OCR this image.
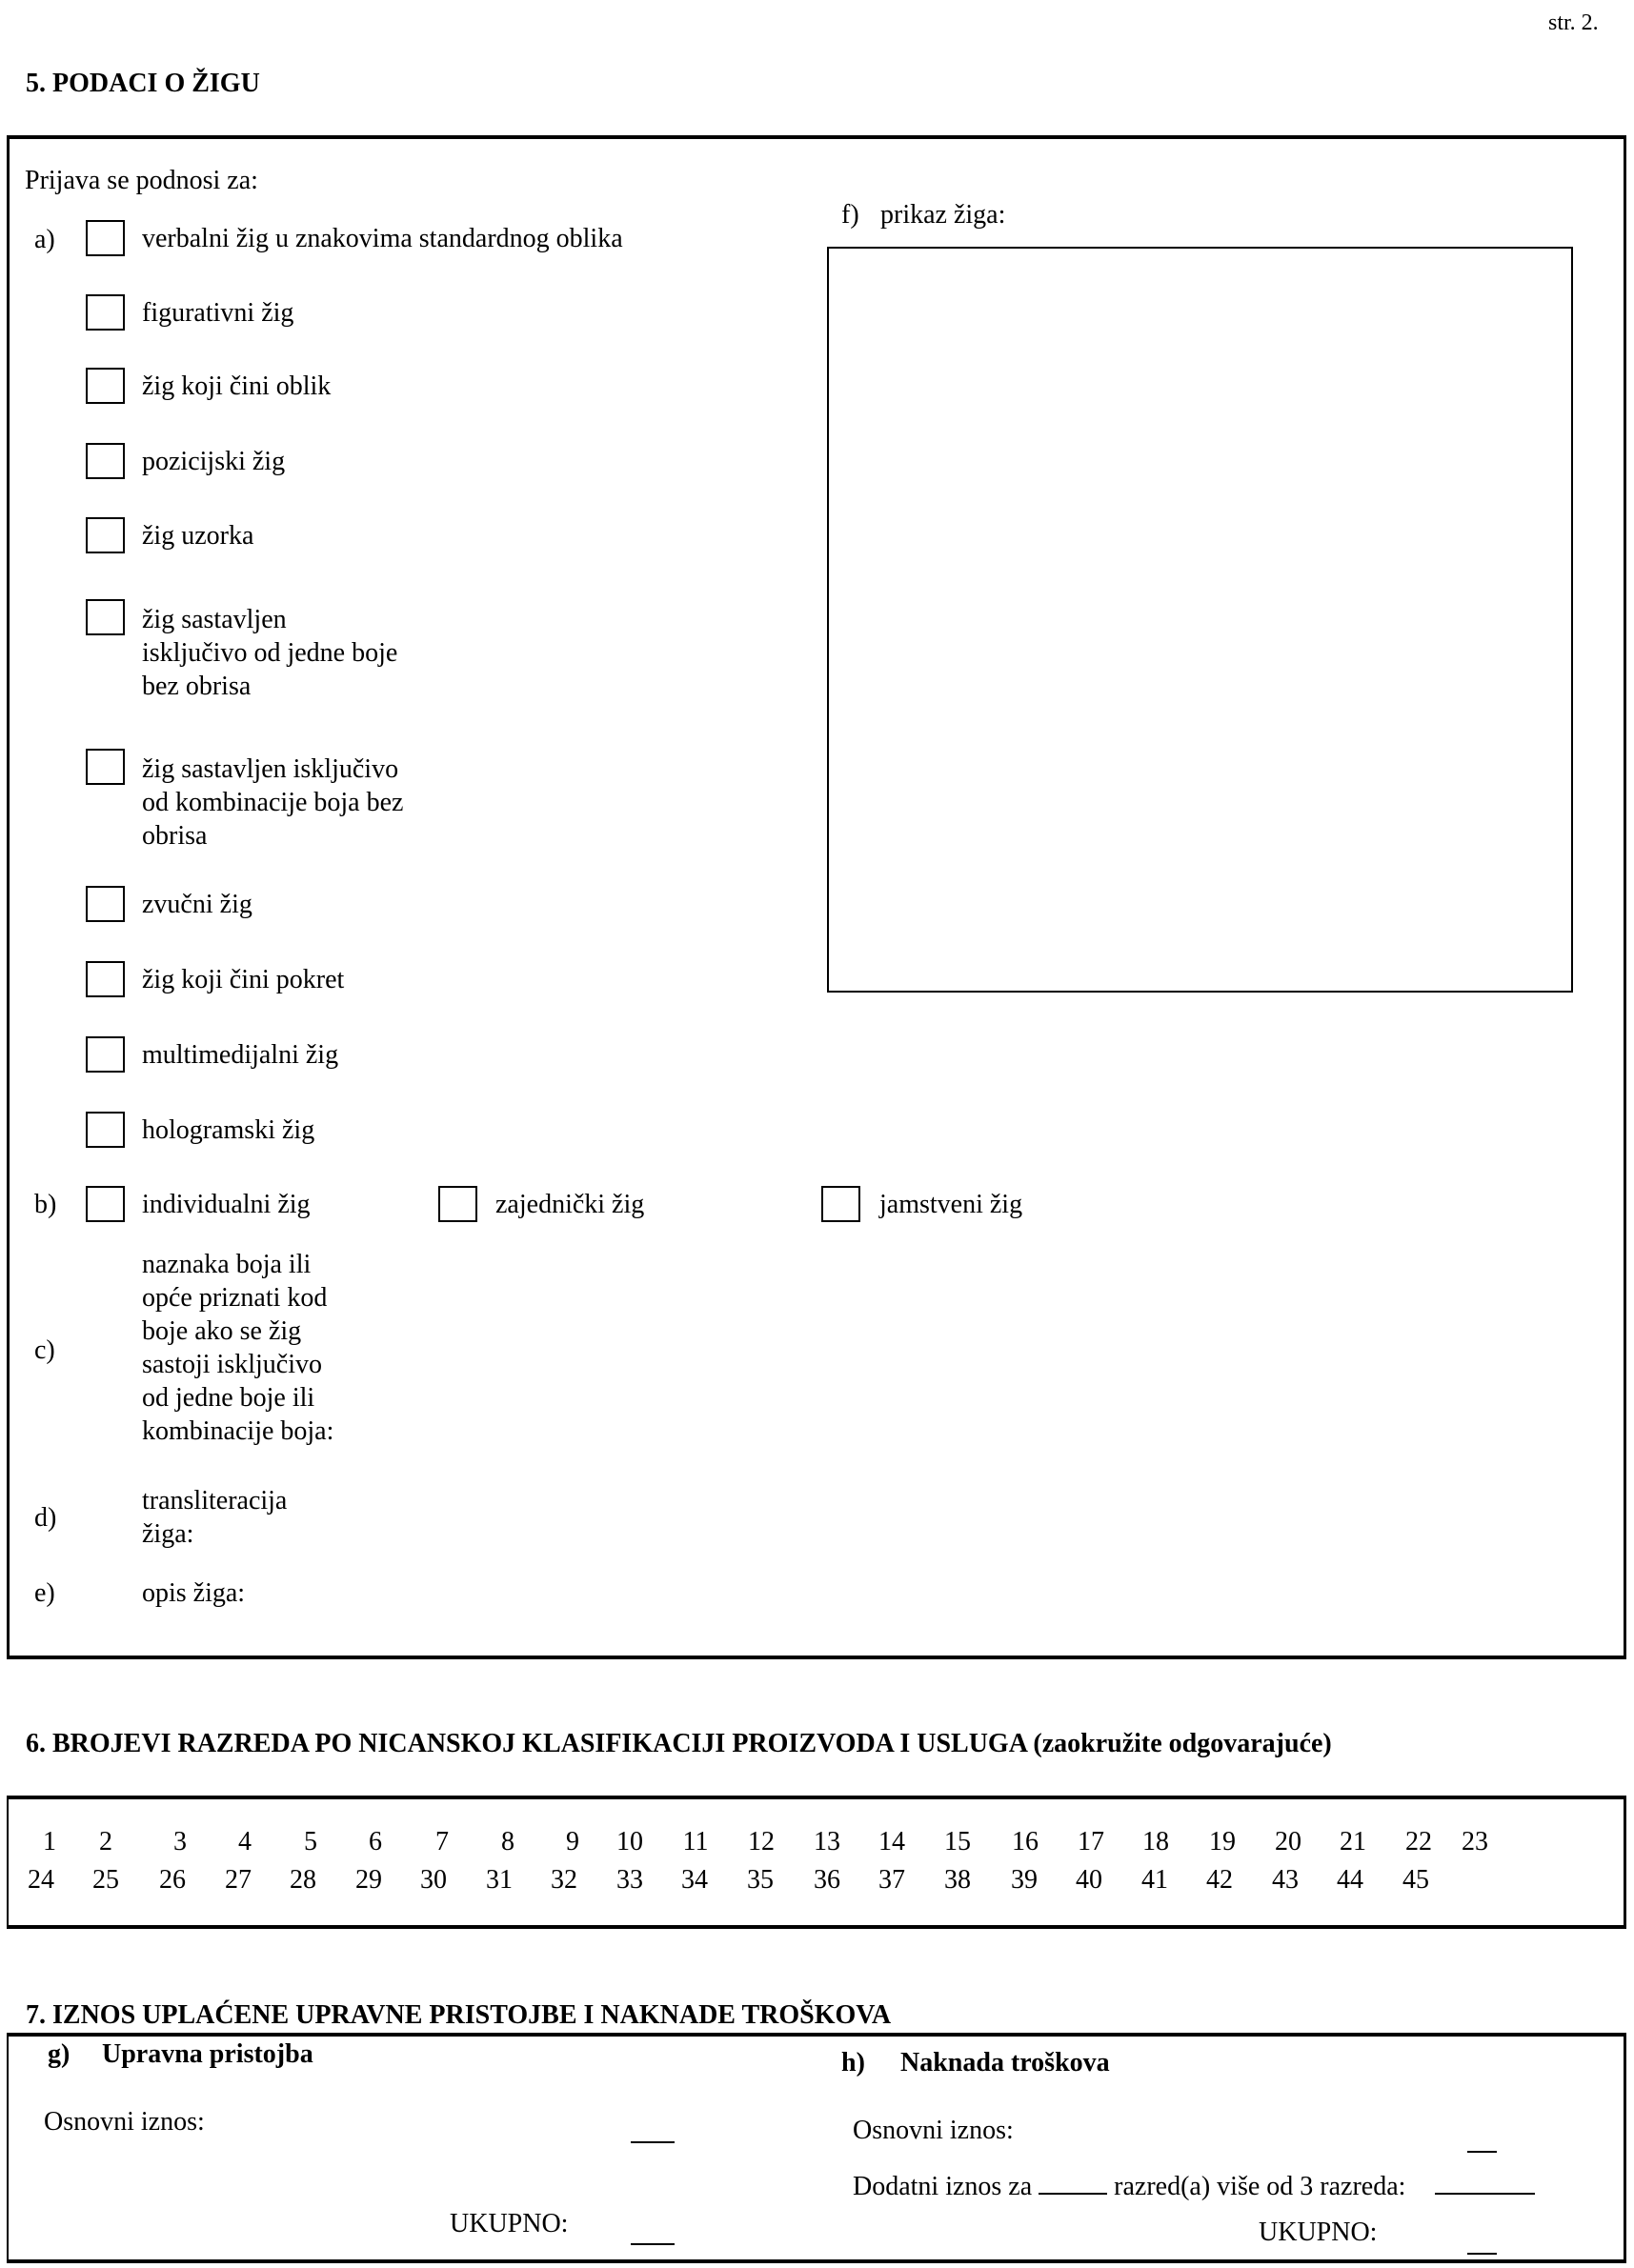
str. 2.
5. PODACI O ŽIGU
Prijava se podnosi za:
a)	verbalni žig u znakovima standardnog oblika
figurativni žig
žig koji čini oblik
pozicijski žig
žig uzorka
žig sastavljen
isključivo od jedne boje
bez obrisa
žig sastavljen isključivo
od kombinacije boja bez
obrisa
zvučni žig
žig koji čini pokret
multimedijalni žig
hologramski žig
f) prikaz žiga:
b)	individualni žig	zajednički žig	jamstveni žig
c)
naznaka boja ili
opće priznati kod
boje ako se žig
sastoji isključivo
od jedne boje ili
kombinacije boja:
d)
transliteracija
žiga:
e)	opis žiga:
6. BROJEVI RAZREDA PO NICANSKOJ KLASIFIKACIJI PROIZVODA I USLUGA (zaokružite odgovarajuće)
1	2	3	4	5	6	7	8	9	10	11	12	13	14	15	16	17	18	19	20	21	22	23
24	25	26	27	28	29	30	31	32	33	34	35	36	37	38	39	40	41	42	43	44	45
7. IZNOS UPLAĆENE UPRAVNE PRISTOJBE I NAKNADE TROŠKOVA
g) Upravna pristojba
Osnovni iznos:
UKUPNO:
h) Naknada troškova
Osnovni iznos:
Dodatni iznos za	razred(a) više od 3 razreda:
UKUPNO:
